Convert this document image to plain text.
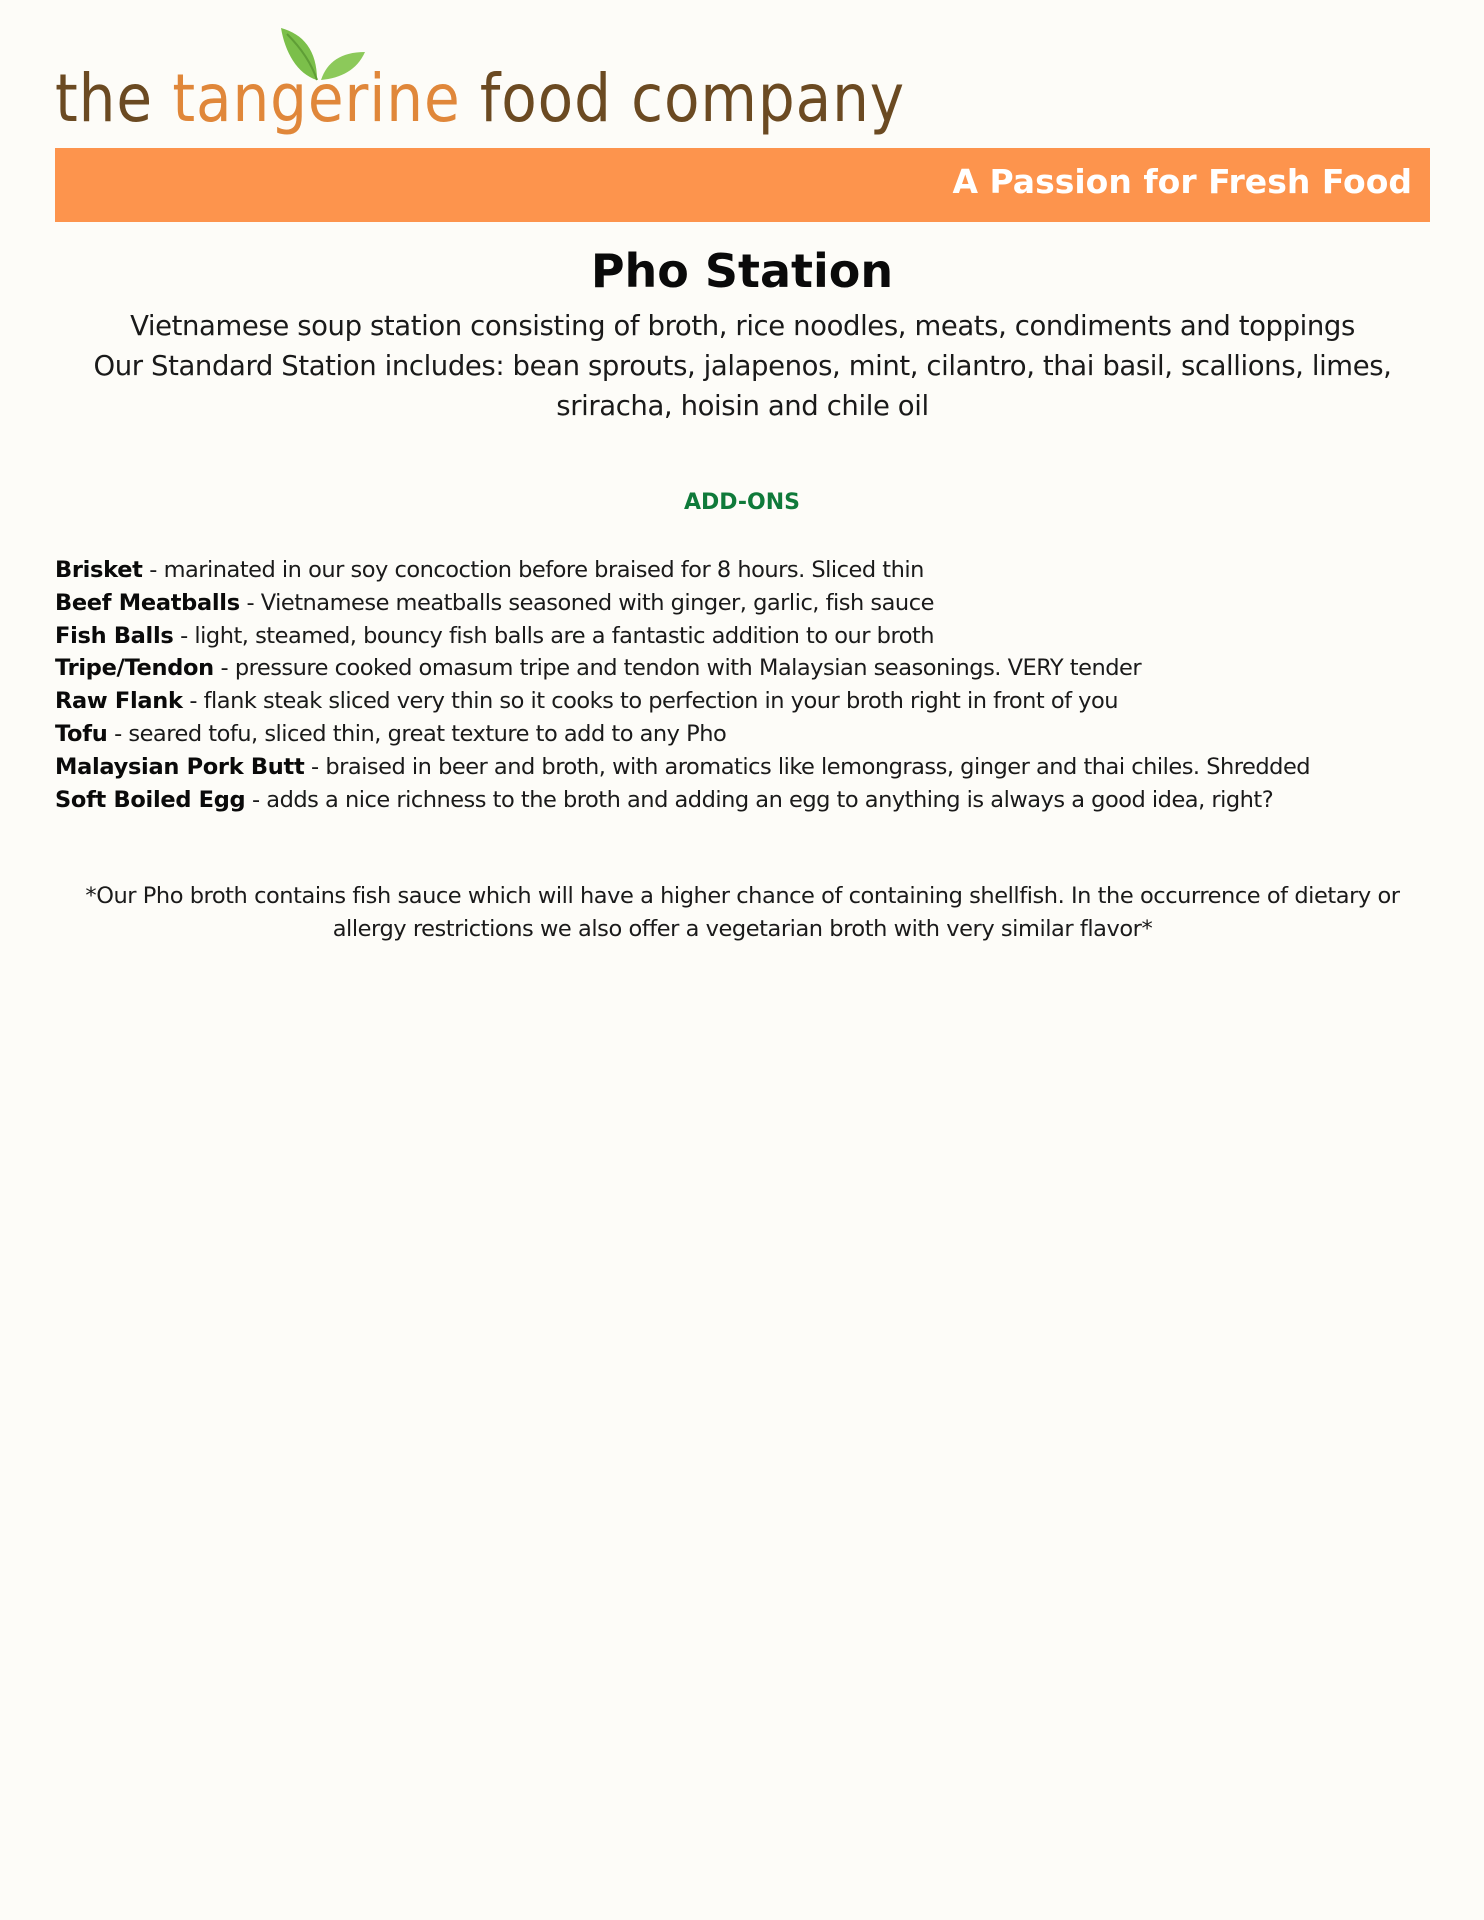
the tangerine food company
A Passion for Fresh Food
Pho Station
Vietnamese soup station consisting of broth, rice noodles, meats, condiments and toppings
Our Standard Station includes: bean sprouts, jalapenos, mint, cilantro, thai basil, scallions, limes, sriracha, hoisin and chile oil
ADD-ONS
Brisket - marinated in our soy concoction before braised for 8 hours. Sliced thin
Beef Meatballs - Vietnamese meatballs seasoned with ginger, garlic, fish sauce
Fish Balls - light, steamed, bouncy fish balls are a fantastic addition to our broth
Tripe/Tendon - pressure cooked omasum tripe and tendon with Malaysian seasonings. VERY tender
Raw Flank - flank steak sliced very thin so it cooks to perfection in your broth right in front of you
Tofu - seared tofu, sliced thin, great texture to add to any Pho
Malaysian Pork Butt - braised in beer and broth, with aromatics like lemongrass, ginger and thai chiles. Shredded
Soft Boiled Egg - adds a nice richness to the broth and adding an egg to anything is always a good idea, right?
*Our Pho broth contains fish sauce which will have a higher chance of containing shellfish. In the occurrence of dietary or allergy restrictions we also offer a vegetarian broth with very similar flavor*
